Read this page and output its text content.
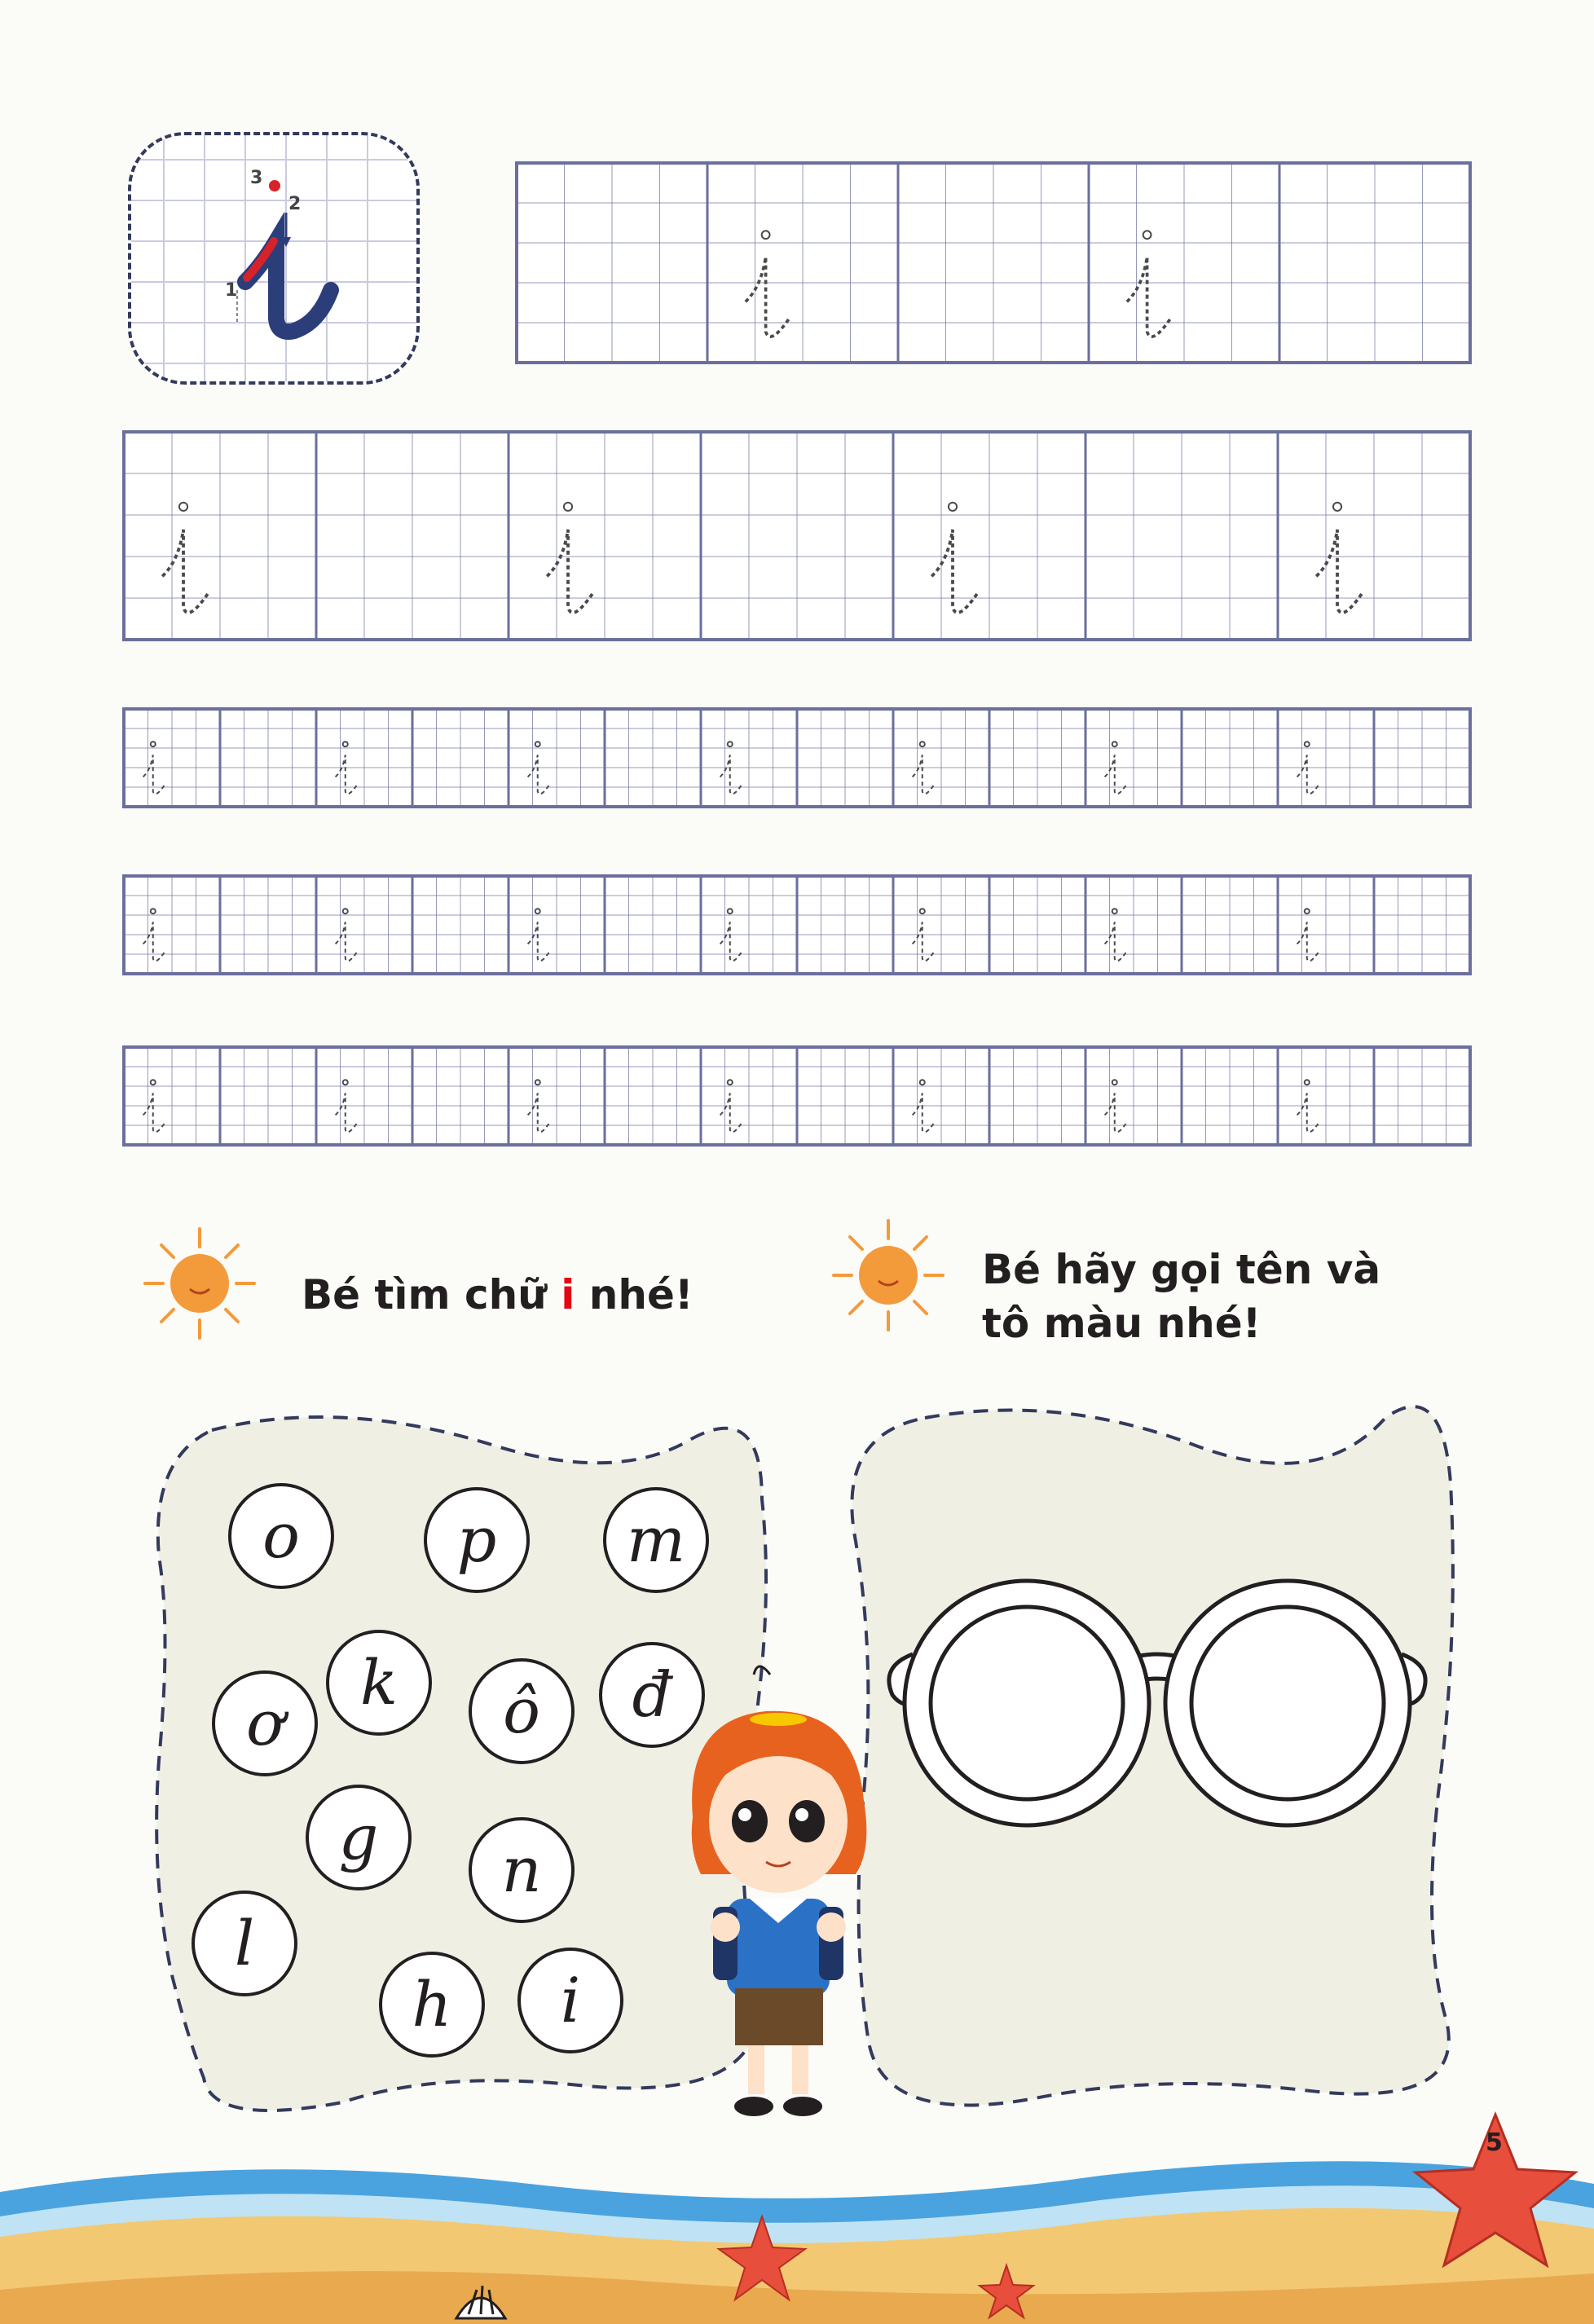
3
2
1
Bé tìm chữ i nhé!
Bé hãy gọi tên và
tô màu nhé!
o	p m
ơ
k ô đ
g n
l
h i
5
